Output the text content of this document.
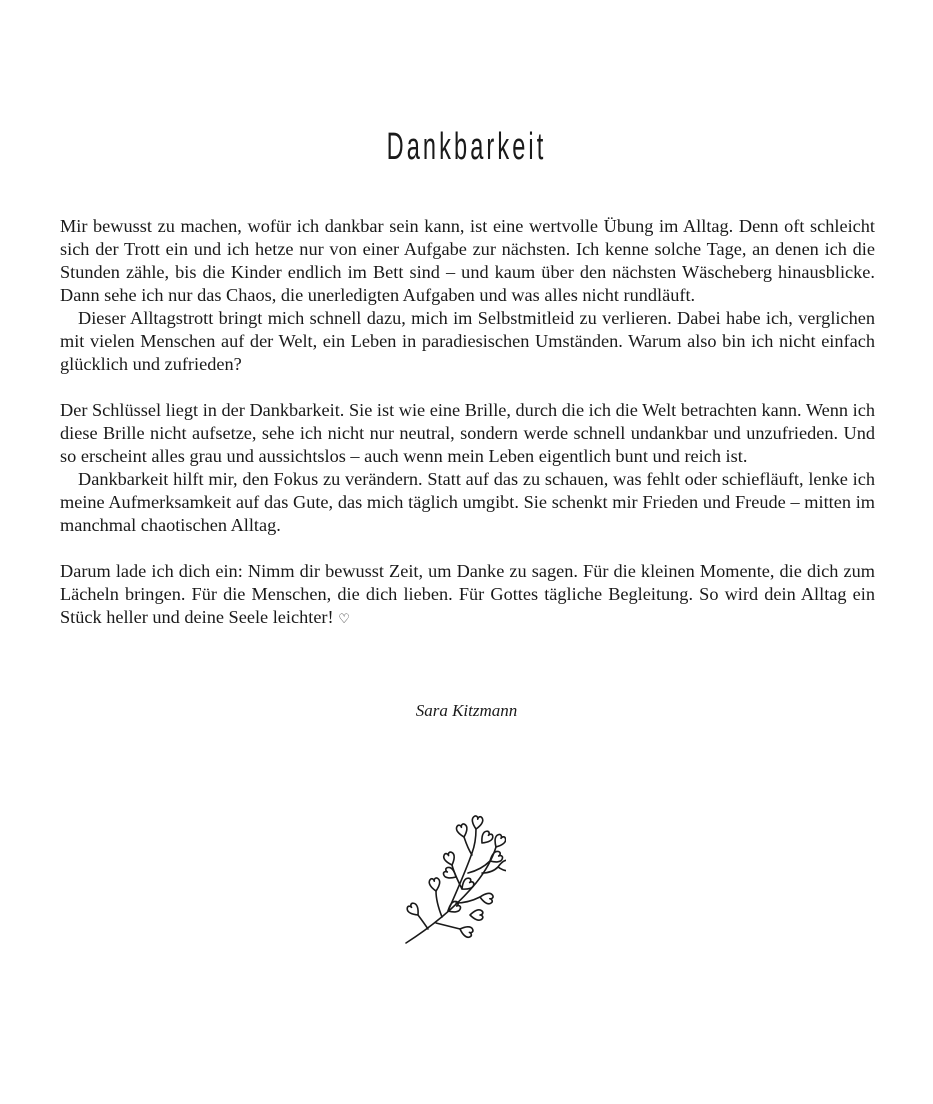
Dankbarkeit

Mir bewusst zu machen, wofür ich dankbar sein kann, ist eine wertvolle Übung im Alltag. Denn oft schleicht sich der Trott ein und ich hetze nur von einer Aufgabe zur nächsten. Ich kenne solche Tage, an denen ich die Stunden zähle, bis die Kinder endlich im Bett sind – und kaum über den nächsten Wäscheberg hinausblicke. Dann sehe ich nur das Chaos, die unerledigten Aufgaben und was alles nicht rundläuft.

Dieser Alltagstrott bringt mich schnell dazu, mich im Selbstmitleid zu verlieren. Dabei habe ich, verglichen mit vielen Menschen auf der Welt, ein Leben in paradiesischen Umständen. Warum also bin ich nicht einfach glücklich und zufrieden?

Der Schlüssel liegt in der Dankbarkeit. Sie ist wie eine Brille, durch die ich die Welt betrachten kann. Wenn ich diese Brille nicht aufsetze, sehe ich nicht nur neutral, sondern werde schnell undankbar und unzufrieden. Und so erscheint alles grau und aussichtslos – auch wenn mein Leben eigentlich bunt und reich ist.

Dankbarkeit hilft mir, den Fokus zu verändern. Statt auf das zu schauen, was fehlt oder schiefläuft, lenke ich meine Aufmerksamkeit auf das Gute, das mich täglich umgibt. Sie schenkt mir Frieden und Freude – mitten im manchmal chaotischen Alltag.

Darum lade ich dich ein: Nimm dir bewusst Zeit, um Danke zu sagen. Für die kleinen Momente, die dich zum Lächeln bringen. Für die Menschen, die dich lieben. Für Gottes tägliche Begleitung. So wird dein Alltag ein Stück heller und deine Seele leichter! ♡

Sara Kitzmann
